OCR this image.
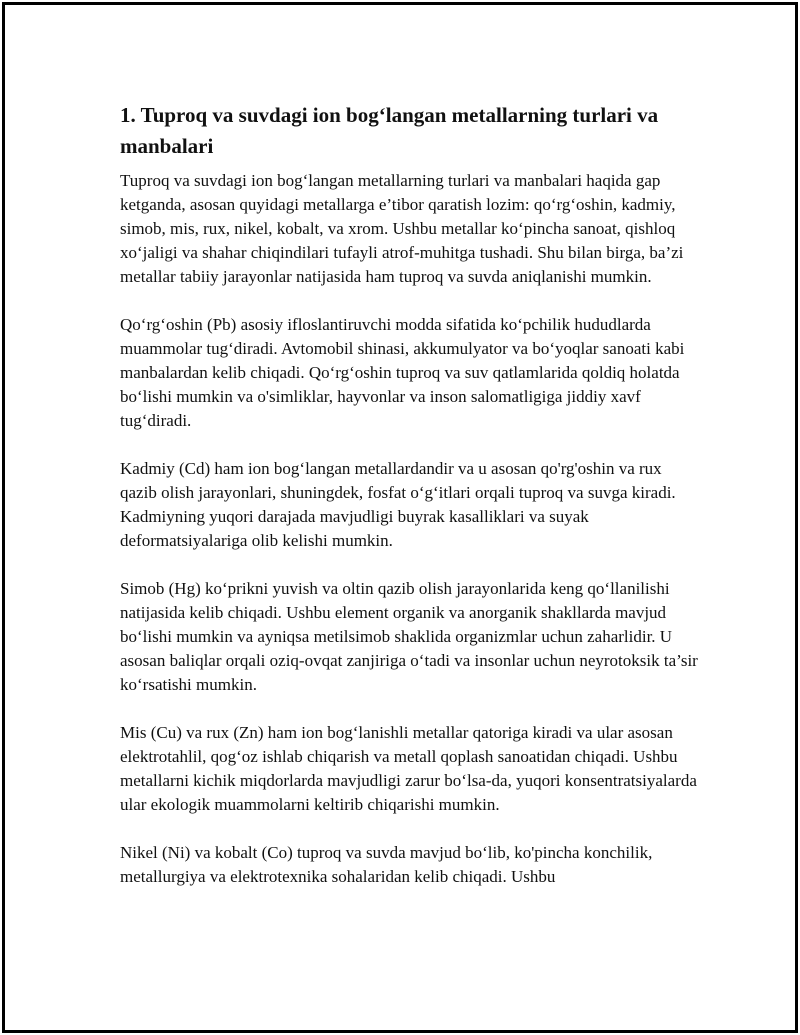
1. Tuproq va suvdagi ion bog‘langan metallarning turlari va manbalari

Tuproq va suvdagi ion bog‘langan metallarning turlari va manbalari haqida gap ketganda, asosan quyidagi metallarga e’tibor qaratish lozim: qo‘rg‘oshin, kadmiy, simob, mis, rux, nikel, kobalt, va xrom. Ushbu metallar ko‘pincha sanoat, qishloq xo‘jaligi va shahar chiqindilari tufayli atrof-muhitga tushadi. Shu bilan birga, ba’zi metallar tabiiy jarayonlar natijasida ham tuproq va suvda aniqlanishi mumkin.

Qo‘rg‘oshin (Pb) asosiy ifloslantiruvchi modda sifatida ko‘pchilik hududlarda muammolar tug‘diradi. Avtomobil shinasi, akkumulyator va bo‘yoqlar sanoati kabi manbalardan kelib chiqadi. Qo‘rg‘oshin tuproq va suv qatlamlarida qoldiq holatda bo‘lishi mumkin va o'simliklar, hayvonlar va inson salomatligiga jiddiy xavf tug‘diradi.

Kadmiy (Cd) ham ion bog‘langan metallardandir va u asosan qo'rg'oshin va rux qazib olish jarayonlari, shuningdek, fosfat o‘g‘itlari orqali tuproq va suvga kiradi. Kadmiyning yuqori darajada mavjudligi buyrak kasalliklari va suyak deformatsiyalariga olib kelishi mumkin.

Simob (Hg) ko‘prikni yuvish va oltin qazib olish jarayonlarida keng qo‘llanilishi natijasida kelib chiqadi. Ushbu element organik va anorganik shakllarda mavjud bo‘lishi mumkin va ayniqsa metilsimob shaklida organizmlar uchun zaharlidir. U asosan baliqlar orqali oziq-ovqat zanjiriga o‘tadi va insonlar uchun neyrotoksik ta’sir ko‘rsatishi mumkin.

Mis (Cu) va rux (Zn) ham ion bog‘lanishli metallar qatoriga kiradi va ular asosan elektrotahlil, qog‘oz ishlab chiqarish va metall qoplash sanoatidan chiqadi. Ushbu metallarni kichik miqdorlarda mavjudligi zarur bo‘lsa-da, yuqori konsentratsiyalarda ular ekologik muammolarni keltirib chiqarishi mumkin.

Nikel (Ni) va kobalt (Co) tuproq va suvda mavjud bo‘lib, ko'pincha konchilik, metallurgiya va elektrotexnika sohalaridan kelib chiqadi. Ushbu
